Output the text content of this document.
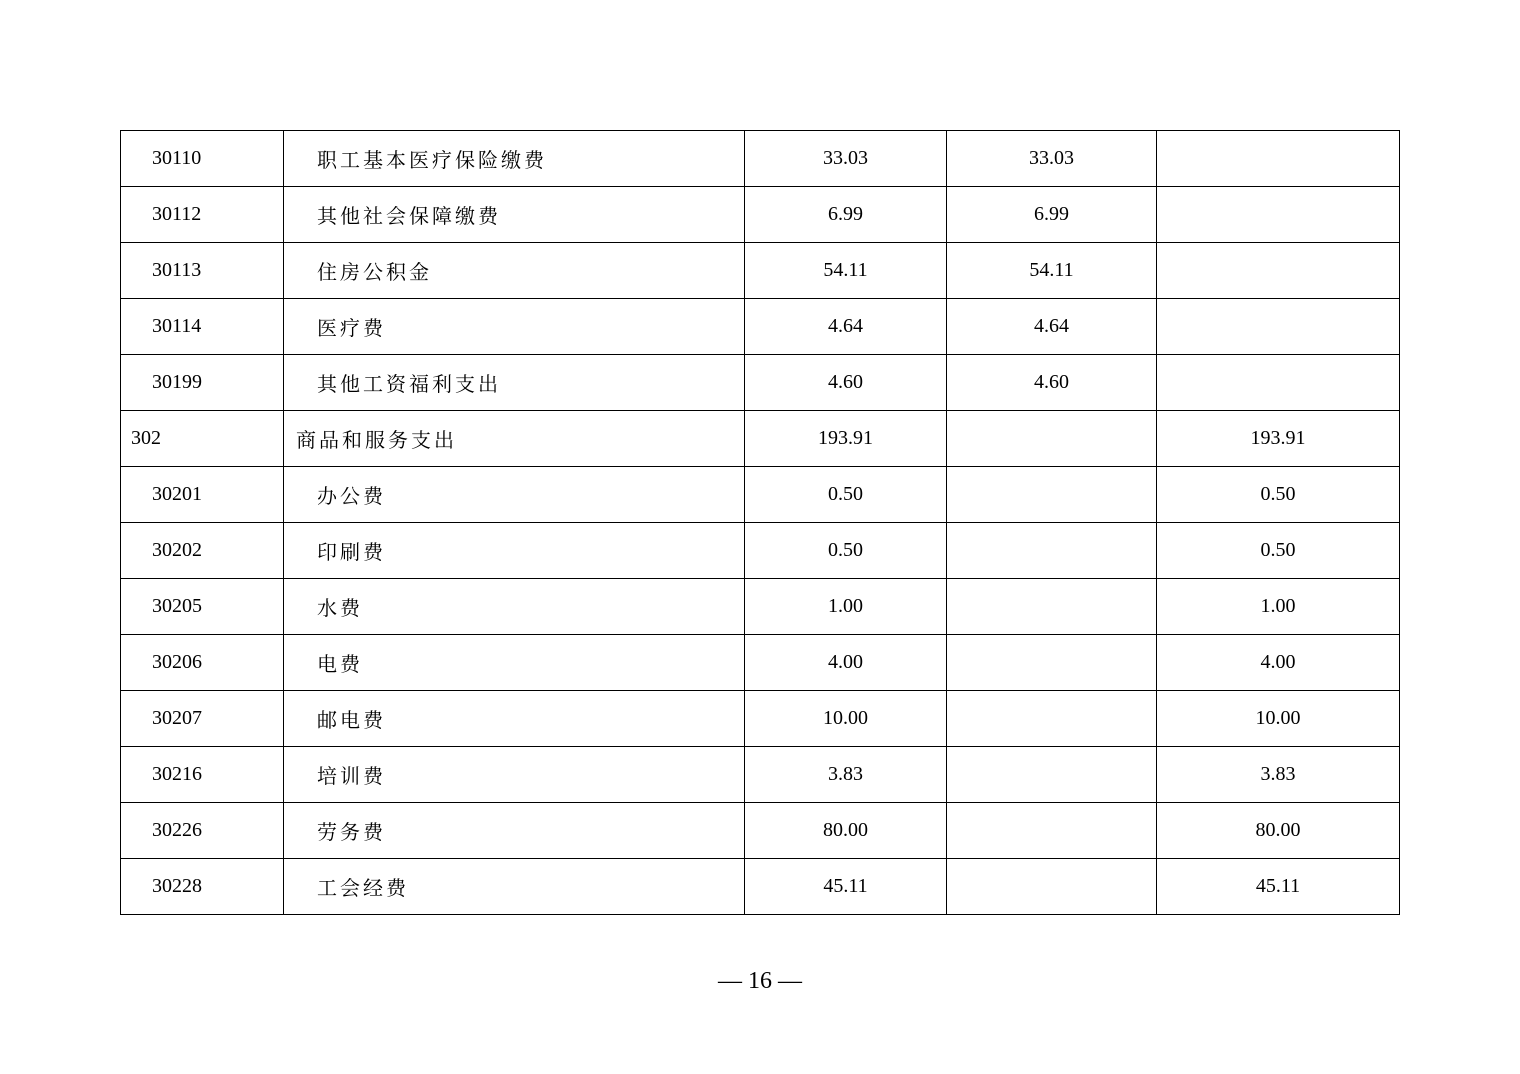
30110	职工基本医疗保险缴费	33.03	33.03	
30112	其他社会保障缴费	6.99	6.99	
30113	住房公积金	54.11	54.11	
30114	医疗费	4.64	4.64	
30199	其他工资福利支出	4.60	4.60	
302	商品和服务支出	193.91		193.91
30201	办公费	0.50		0.50
30202	印刷费	0.50		0.50
30205	水费	1.00		1.00
30206	电费	4.00		4.00
30207	邮电费	10.00		10.00
30216	培训费	3.83		3.83
30226	劳务费	80.00		80.00
30228	工会经费	45.11		45.11
— 16 —
